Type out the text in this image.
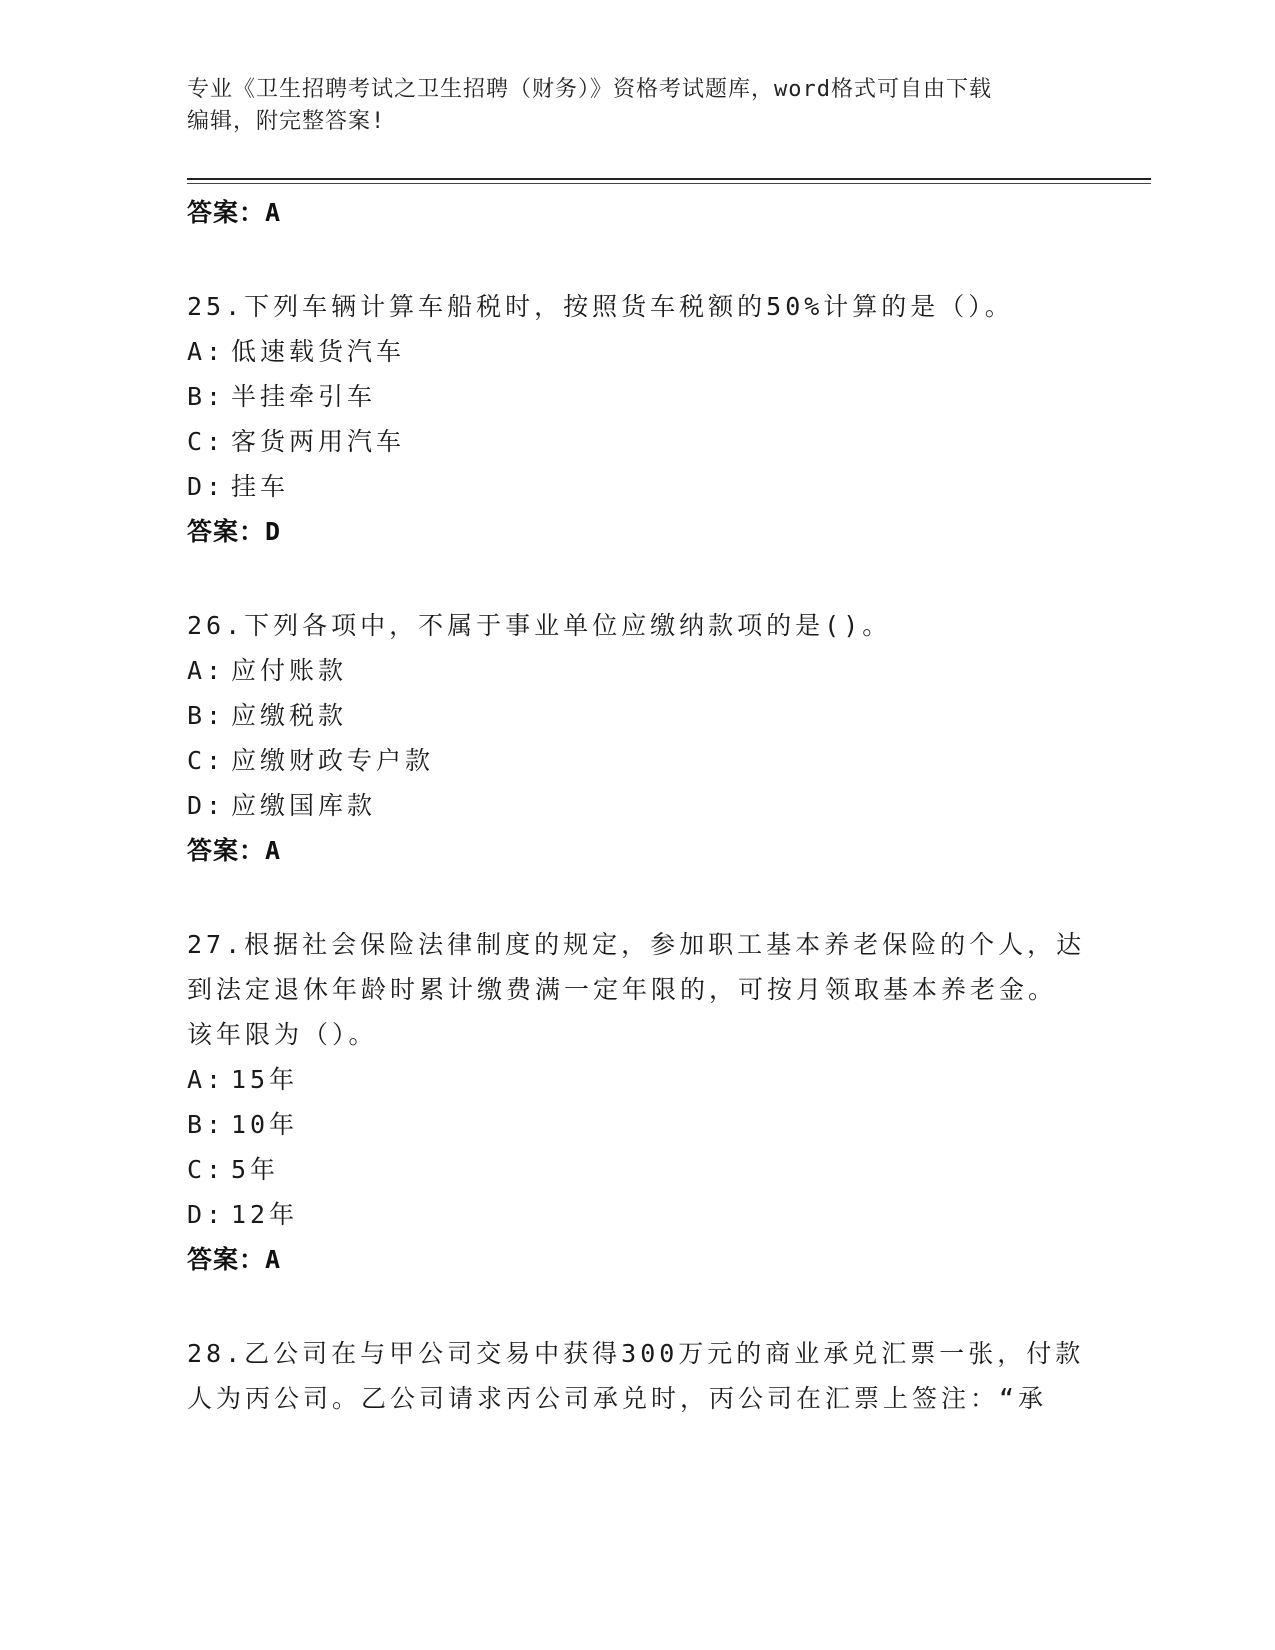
专业《卫生招聘考试之卫生招聘（财务）》资格考试题库，word格式可自由下载
编辑，附完整答案!
答案：A
25.下列车辆计算车船税时，按照货车税额的50%计算的是（）。
A: 低速载货汽车
B: 半挂牵引车
C: 客货两用汽车
D: 挂车
答案：D
26.下列各项中，不属于事业单位应缴纳款项的是()。
A: 应付账款
B: 应缴税款
C: 应缴财政专户款
D: 应缴国库款
答案：A
27.根据社会保险法律制度的规定，参加职工基本养老保险的个人，达
到法定退休年龄时累计缴费满一定年限的，可按月领取基本养老金。
该年限为（）。
A: 15年
B: 10年
C: 5年
D: 12年
答案：A
28.乙公司在与甲公司交易中获得300万元的商业承兑汇票一张，付款
人为丙公司。乙公司请求丙公司承兑时，丙公司在汇票上签注：“承
